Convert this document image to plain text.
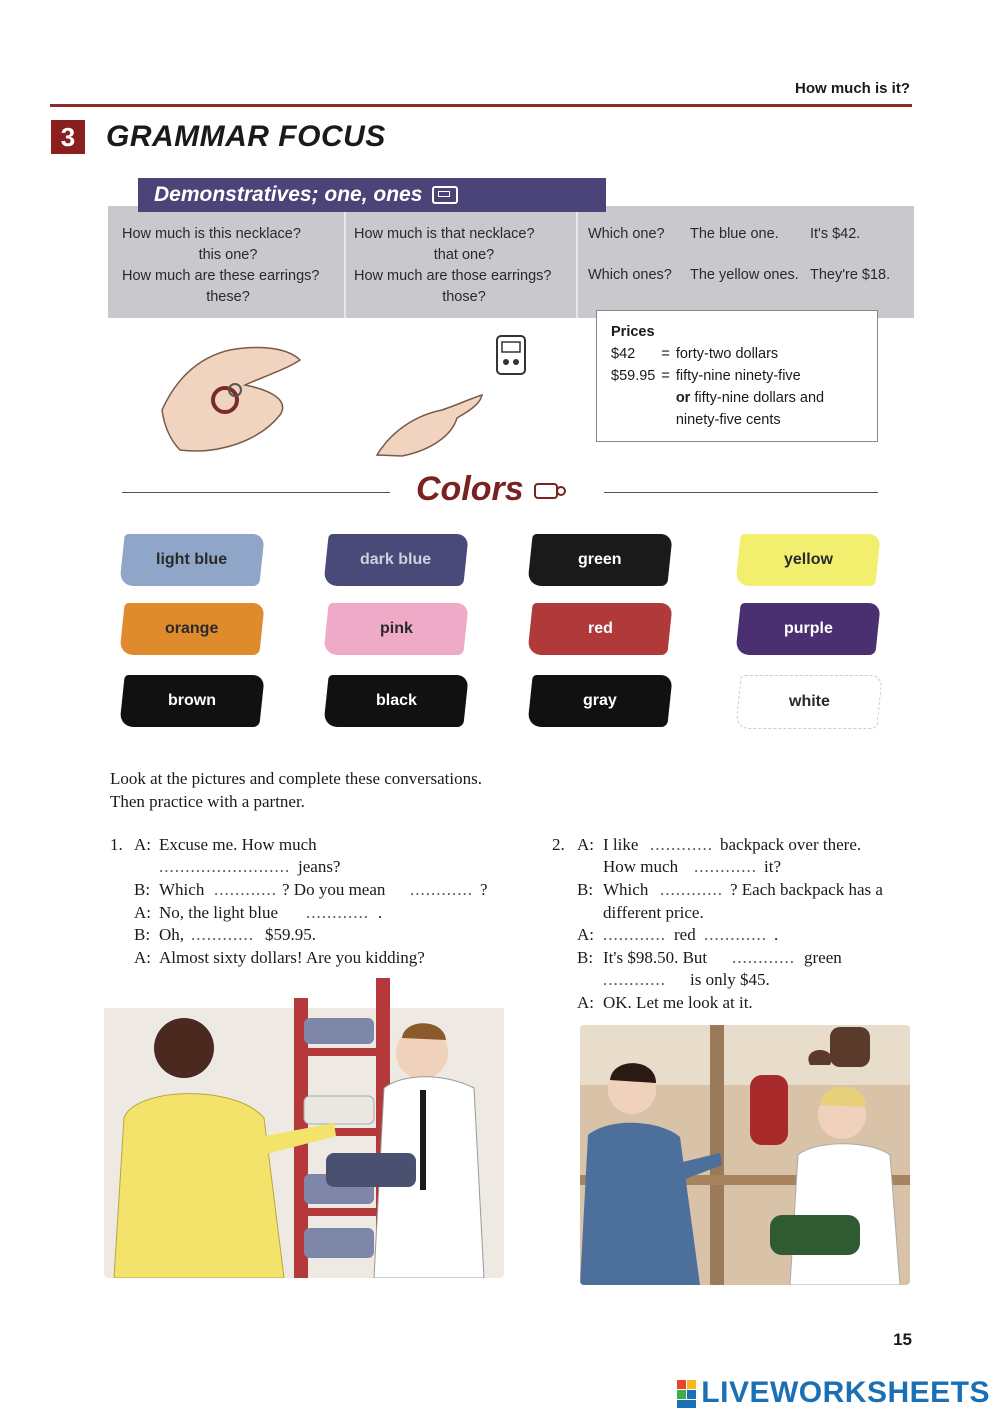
How much is it?
3	GRAMMAR FOCUS
How much is this necklace?
this one?
How much are these earrings?
these?
How much is that necklace?
that one?
How much are those earrings?
those?
Which one? The blue one. It's $42.
Which ones? The yellow ones. They're $18.
Demonstratives; one, ones
Prices
$42	=	forty-two dollars
$59.95	=	fifty-nine ninety-five
		or fifty-nine dollars and
		ninety-five cents
Colors
light blue	dark blue	green	yellow
orange	pink	red	purple
brown	black	gray	white
Look at the pictures and complete these conversations.
Then practice with a partner.
1. A: Excuse me. How much
......................... jeans?
B: Which ............ ? Do you mean ............ ?
A: No, the light blue ............ .
B: Oh, ............ $59.95.
A: Almost sixty dollars! Are you kidding?
2. A: I like ............ backpack over there.
How much ............ it?
B: Which ............ ? Each backpack has a
different price.
A: ............ red ............ .
B: It's $98.50. But ............ green
............ is only $45.
A: OK. Let me look at it.
15
LIVEWORKSHEETS
